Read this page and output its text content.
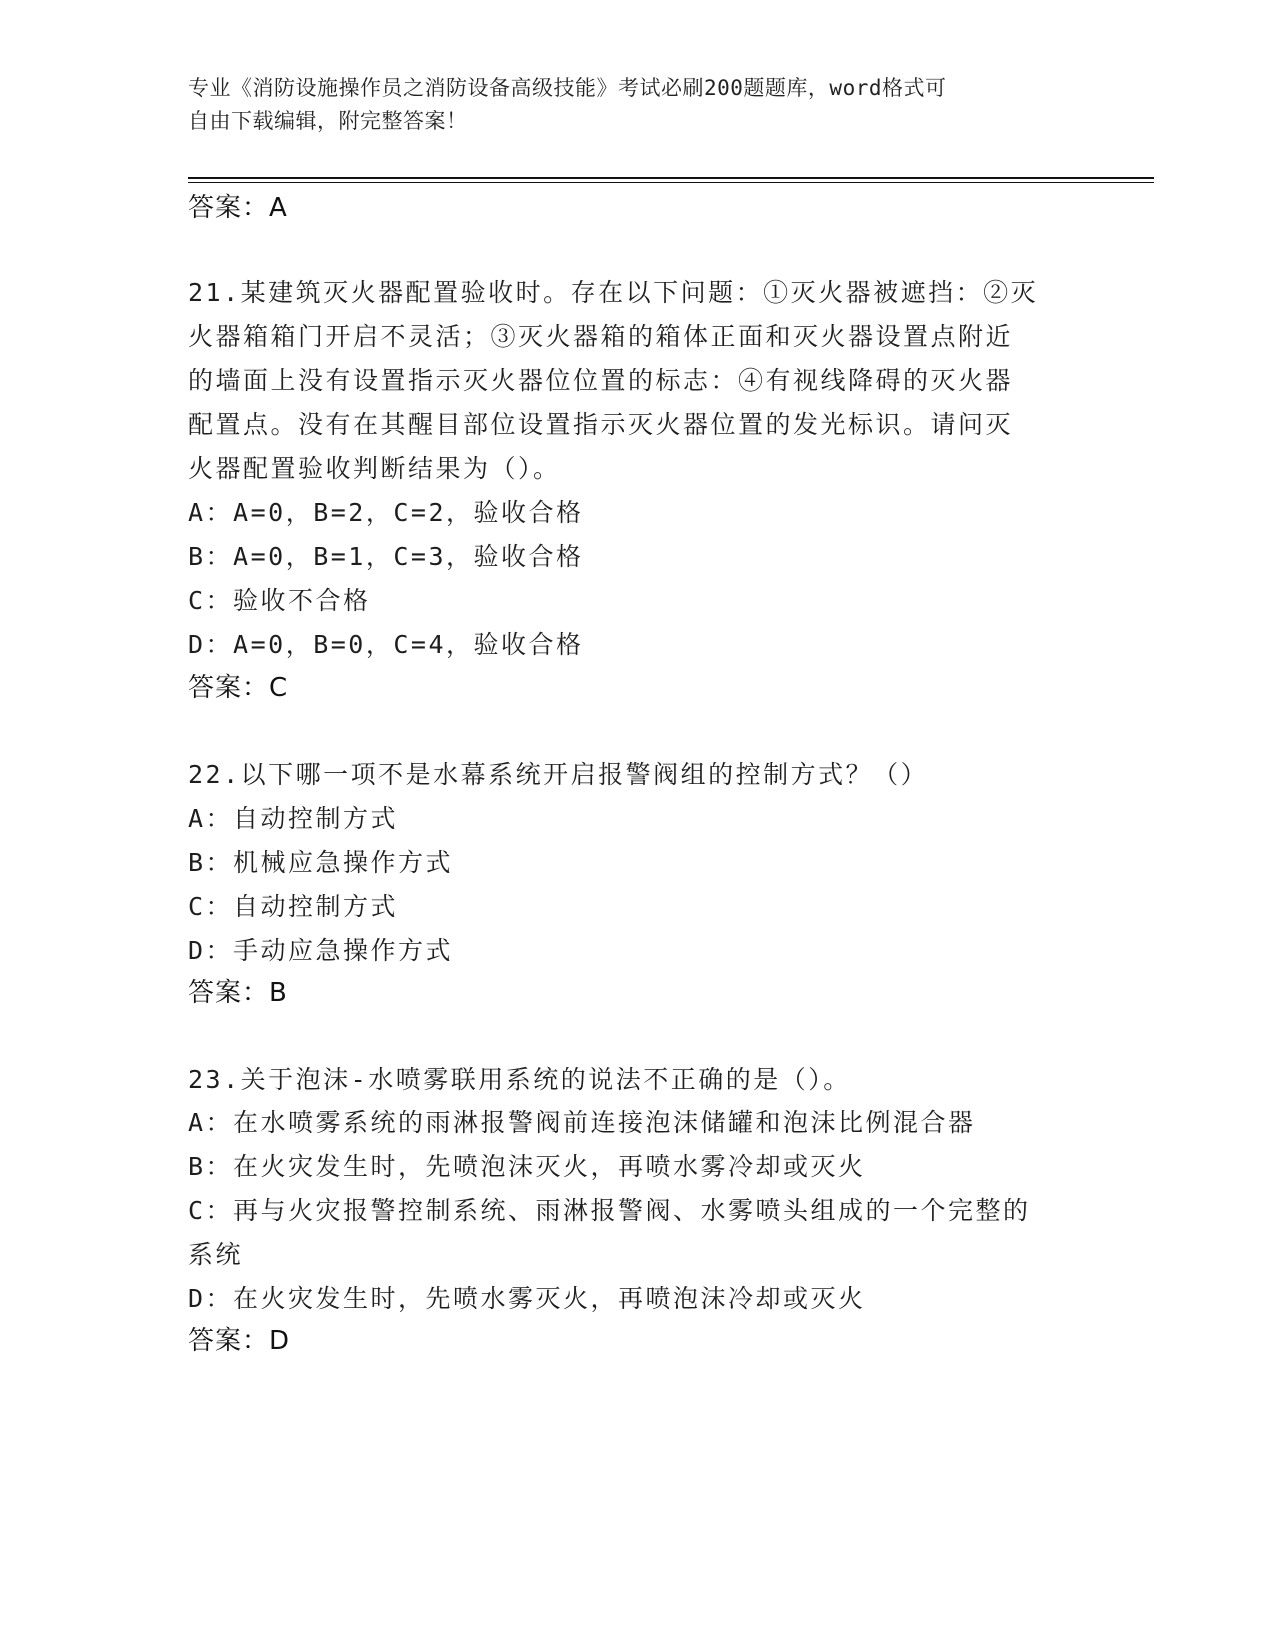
专业《消防设施操作员之消防设备高级技能》考试必刷200题题库，word格式可
自由下载编辑，附完整答案！
答案：A
21.某建筑灭火器配置验收时。存在以下问题：①灭火器被遮挡：②灭
火器箱箱门开启不灵活；③灭火器箱的箱体正面和灭火器设置点附近
的墙面上没有设置指示灭火器位位置的标志：④有视线降碍的灭火器
配置点。没有在其醒目部位设置指示灭火器位置的发光标识。请问灭
火器配置验收判断结果为（）。
A：A=0，B=2，C=2，验收合格
B：A=0，B=1，C=3，验收合格
C：验收不合格
D：A=0，B=0，C=4，验收合格
答案：C
22.以下哪一项不是水幕系统开启报警阀组的控制方式？（）
A：自动控制方式
B：机械应急操作方式
C：自动控制方式
D：手动应急操作方式
答案：B
23.关于泡沫-水喷雾联用系统的说法不正确的是（）。
A：在水喷雾系统的雨淋报警阀前连接泡沫储罐和泡沫比例混合器
B：在火灾发生时，先喷泡沫灭火，再喷水雾冷却或灭火
C：再与火灾报警控制系统、雨淋报警阀、水雾喷头组成的一个完整的
系统
D：在火灾发生时，先喷水雾灭火，再喷泡沫冷却或灭火
答案：D
